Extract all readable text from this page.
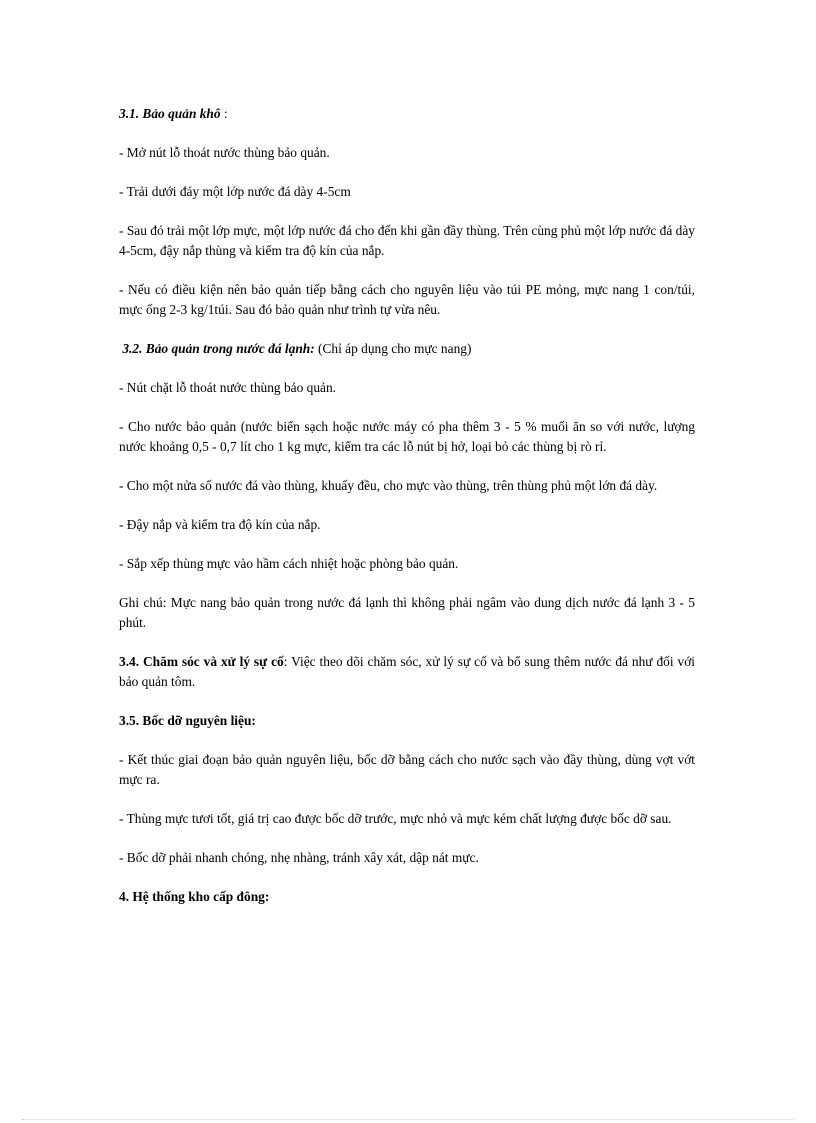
3.1. Bảo quản khô :

- Mở nút lỗ thoát nước thùng bảo quản.

- Trải dưới đáy một lớp nước đá dày 4-5cm

- Sau đó trải một lớp mực, một lớp nước đá cho đến khi gần đầy thùng. Trên cùng phủ một lớp nước đá dày 4-5cm, đậy nắp thùng và kiểm tra độ kín của nắp.

- Nếu có điều kiện nên bảo quản tiếp bằng cách cho nguyên liệu vào túi PE mỏng, mực nang 1 con/túi, mực ống 2-3 kg/1túi. Sau đó bảo quản như trình tự vừa nêu.

3.2. Bảo quản trong nước đá lạnh: (Chỉ áp dụng cho mực nang)

- Nút chặt lỗ thoát nước thùng bảo quản.

- Cho nước bảo quản (nước biển sạch hoặc nước máy có pha thêm 3 - 5 % muối ăn so với nước, lượng nước khoảng 0,5 - 0,7 lít cho 1 kg mực, kiểm tra các lỗ nút bị hở, loại bỏ các thùng bị rò rỉ.

- Cho một nửa số nước đá vào thùng, khuấy đều, cho mực vào thùng, trên thùng phủ một lớn đá dày.

- Đậy nắp và kiểm tra độ kín của nắp.

- Sắp xếp thùng mực vào hầm cách nhiệt hoặc phòng bảo quản.

Ghi chú: Mực nang bảo quản trong nước đá lạnh thì không phải ngâm vào dung dịch nước đá lạnh 3 - 5 phút.

3.4. Chăm sóc và xử lý sự cố: Việc theo dõi chăm sóc, xử lý sự cố và bổ sung thêm nước đá như đối với bảo quản tôm.

3.5. Bốc dỡ nguyên liệu:

- Kết thúc giai đoạn bảo quản nguyên liệu, bốc dỡ bằng cách cho nước sạch vào đầy thùng, dùng vợt vớt mực ra.

- Thùng mực tươi tốt, giá trị cao được bốc dỡ trước, mực nhỏ và mực kém chất lượng được bốc dỡ sau.

- Bốc dỡ phải nhanh chóng, nhẹ nhàng, tránh xây xát, dập nát mực.

4. Hệ thống kho cấp đông:
